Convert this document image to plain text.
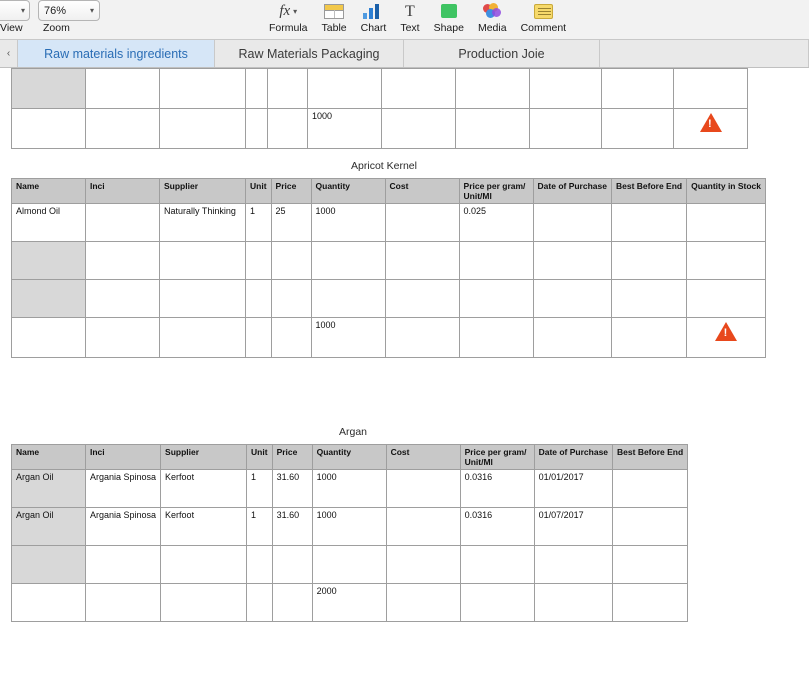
▾
View
76%	▾
Zoom
fx ▾
Formula Table Chart
T
Text Shape Media Comment
‹	Raw materials ingredients	Raw Materials Packaging	Production Joie

					1000					
!
Apricot Kernel
Name	Inci	Supplier	Unit	Price	Quantity	Cost	Price per gram/ Unit/Ml	Date of Purchase	Best Before End	Quantity in Stock
Almond Oil		Naturally Thinking	1	25	1000		0.025			

					1000					
!
Argan
Name	Inci	Supplier	Unit	Price	Quantity	Cost	Price per gram/ Unit/Ml	Date of Purchase	Best Before End
Argan Oil	Argania Spinosa	Kerfoot	1	31.60	1000		0.0316	01/01/2017	
Argan Oil	Argania Spinosa	Kerfoot	1	31.60	1000		0.0316	01/07/2017	

					2000				
